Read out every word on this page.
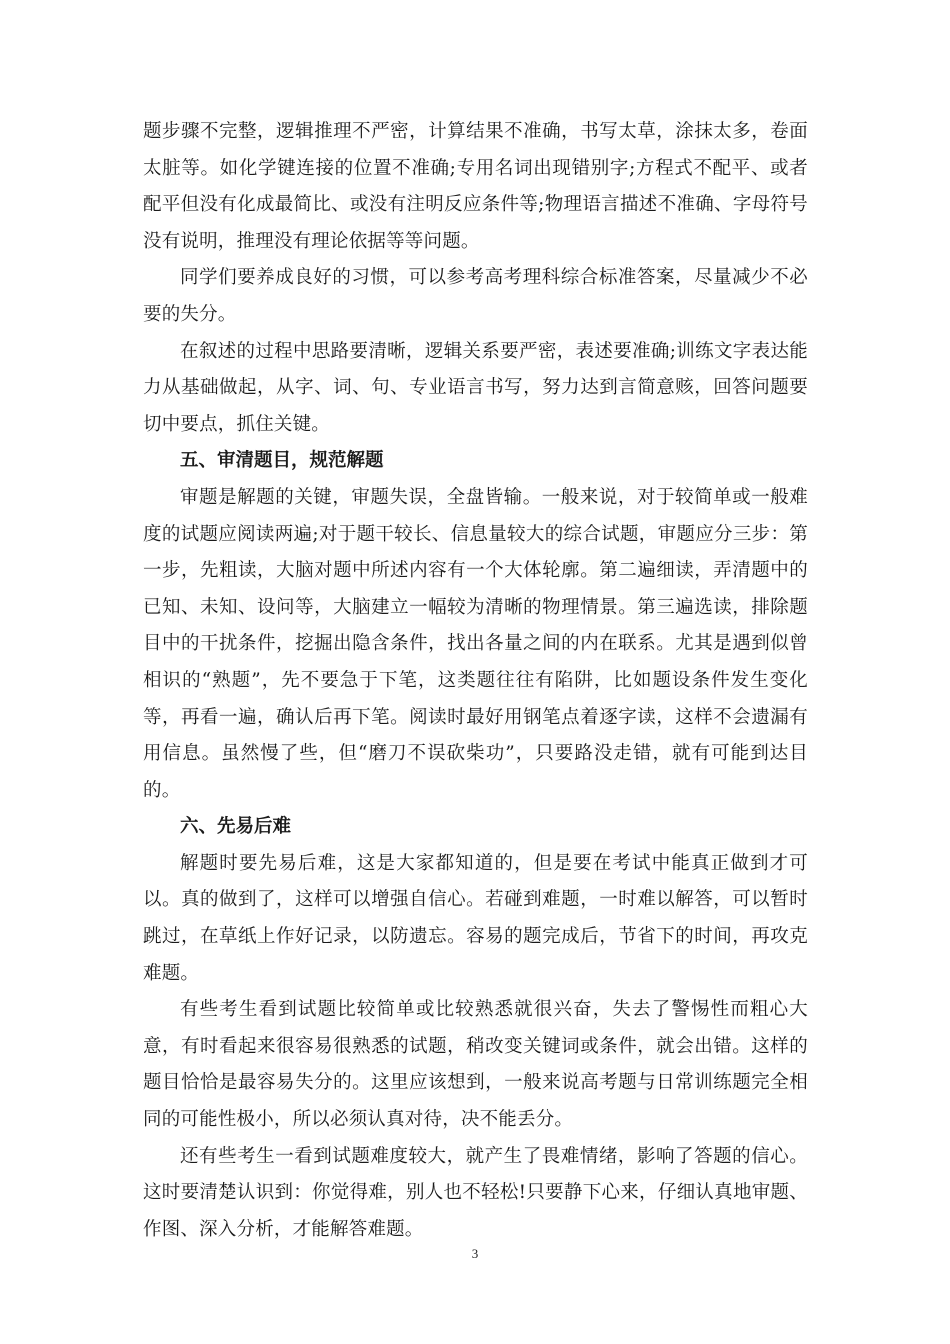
题步骤不完整，逻辑推理不严密，计算结果不准确，书写太草，涂抹太多，卷面太脏等。如化学键连接的位置不准确;专用名词出现错别字;方程式不配平、或者配平但没有化成最简比、或没有注明反应条件等;物理语言描述不准确、字母符号没有说明，推理没有理论依据等等问题。

同学们要养成良好的习惯，可以参考高考理科综合标准答案，尽量减少不必要的失分。

在叙述的过程中思路要清晰，逻辑关系要严密，表述要准确;训练文字表达能力从基础做起，从字、词、句、专业语言书写，努力达到言简意赅，回答问题要切中要点，抓住关键。

五、审清题目，规范解题

审题是解题的关键，审题失误，全盘皆输。一般来说，对于较简单或一般难度的试题应阅读两遍;对于题干较长、信息量较大的综合试题，审题应分三步：第一步，先粗读，大脑对题中所述内容有一个大体轮廓。第二遍细读，弄清题中的已知、未知、设问等，大脑建立一幅较为清晰的物理情景。第三遍选读，排除题目中的干扰条件，挖掘出隐含条件，找出各量之间的内在联系。尤其是遇到似曾相识的“熟题”，先不要急于下笔，这类题往往有陷阱，比如题设条件发生变化等，再看一遍，确认后再下笔。阅读时最好用钢笔点着逐字读，这样不会遗漏有用信息。虽然慢了些，但“磨刀不误砍柴功”，只要路没走错，就有可能到达目的。

六、先易后难

解题时要先易后难，这是大家都知道的，但是要在考试中能真正做到才可以。真的做到了，这样可以增强自信心。若碰到难题，一时难以解答，可以暂时跳过，在草纸上作好记录，以防遗忘。容易的题完成后，节省下的时间，再攻克难题。

有些考生看到试题比较简单或比较熟悉就很兴奋，失去了警惕性而粗心大意，有时看起来很容易很熟悉的试题，稍改变关键词或条件，就会出错。这样的题目恰恰是最容易失分的。这里应该想到，一般来说高考题与日常训练题完全相同的可能性极小，所以必须认真对待，决不能丢分。

还有些考生一看到试题难度较大，就产生了畏难情绪，影响了答题的信心。这时要清楚认识到：你觉得难，别人也不轻松!只要静下心来，仔细认真地审题、作图、深入分析，才能解答难题。

3
